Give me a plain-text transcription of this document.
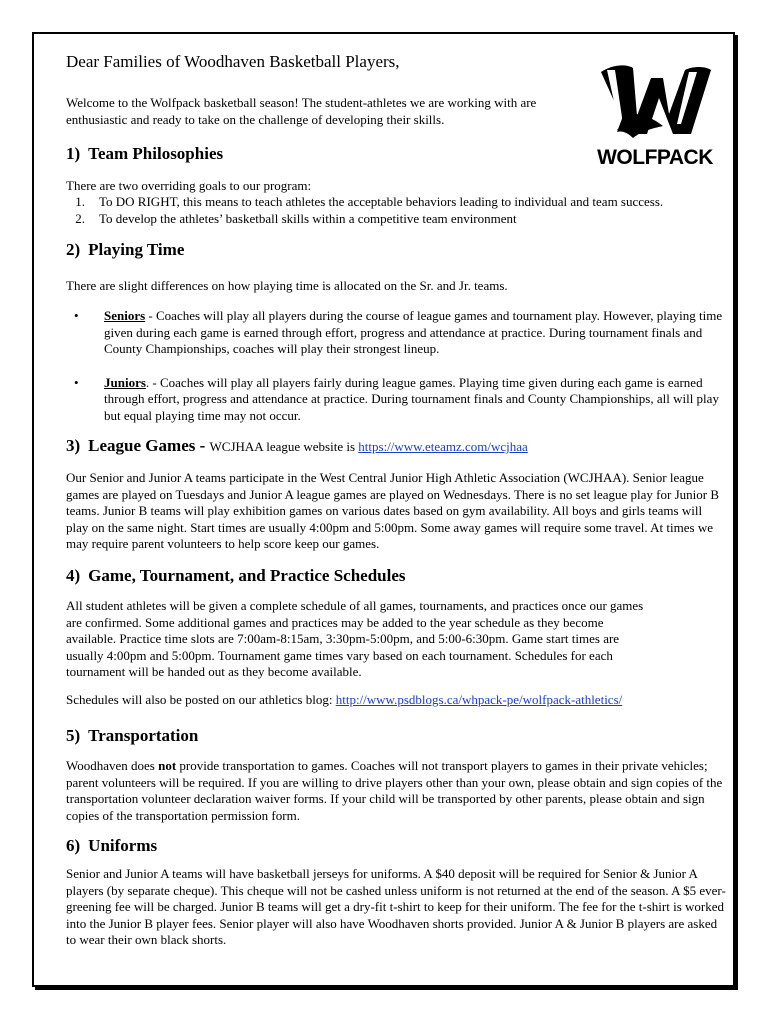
Dear Families of Woodhaven Basketball Players,
Welcome to the Wolfpack basketball season! The student-athletes we are working with are enthusiastic and ready to take on the challenge of developing their skills.
WOLFPACK
1) Team Philosophies
There are two overriding goals to our program:
1.	To DO RIGHT, this means to teach athletes the acceptable behaviors leading to individual and team success.
2.	To develop the athletes’ basketball skills within a competitive team environment
2) Playing Time
There are slight differences on how playing time is allocated on the Sr. and Jr. teams.
•	Seniors - Coaches will play all players during the course of league games and tournament play. However, playing time given during each game is earned through effort, progress and attendance at practice. During tournament finals and County Championships, coaches will play their strongest lineup.
•	Juniors. - Coaches will play all players fairly during league games. Playing time given during each game is earned through effort, progress and attendance at practice. During tournament finals and County Championships, all will play but equal playing time may not occur.
3) League Games - WCJHAA league website is https://www.eteamz.com/wcjhaa
Our Senior and Junior A teams participate in the West Central Junior High Athletic Association (WCJHAA). Senior league games are played on Tuesdays and Junior A league games are played on Wednesdays. There is no set league play for Junior B teams. Junior B teams will play exhibition games on various dates based on gym availability. All boys and girls teams will play on the same night. Start times are usually 4:00pm and 5:00pm. Some away games will require some travel. At times we may require parent volunteers to help score keep our games.
4) Game, Tournament, and Practice Schedules
All student athletes will be given a complete schedule of all games, tournaments, and practices once our games are confirmed. Some additional games and practices may be added to the year schedule as they become available. Practice time slots are 7:00am-8:15am, 3:30pm-5:00pm, and 5:00-6:30pm. Game start times are usually 4:00pm and 5:00pm. Tournament game times vary based on each tournament. Schedules for each tournament will be handed out as they become available.
Schedules will also be posted on our athletics blog: http://www.psdblogs.ca/whpack-pe/wolfpack-athletics/
5) Transportation
Woodhaven does not provide transportation to games. Coaches will not transport players to games in their private vehicles; parent volunteers will be required. If you are willing to drive players other than your own, please obtain and sign copies of the transportation volunteer declaration waiver forms. If your child will be transported by other parents, please obtain and sign copies of the transportation permission form.
6) Uniforms
Senior and Junior A teams will have basketball jerseys for uniforms. A $40 deposit will be required for Senior & Junior A players (by separate cheque). This cheque will not be cashed unless uniform is not returned at the end of the season. A $5 ever-greening fee will be charged. Junior B teams will get a dry-fit t-shirt to keep for their uniform. The fee for the t-shirt is worked into the Junior B player fees. Senior player will also have Woodhaven shorts provided. Junior A & Junior B players are asked to wear their own black shorts.
